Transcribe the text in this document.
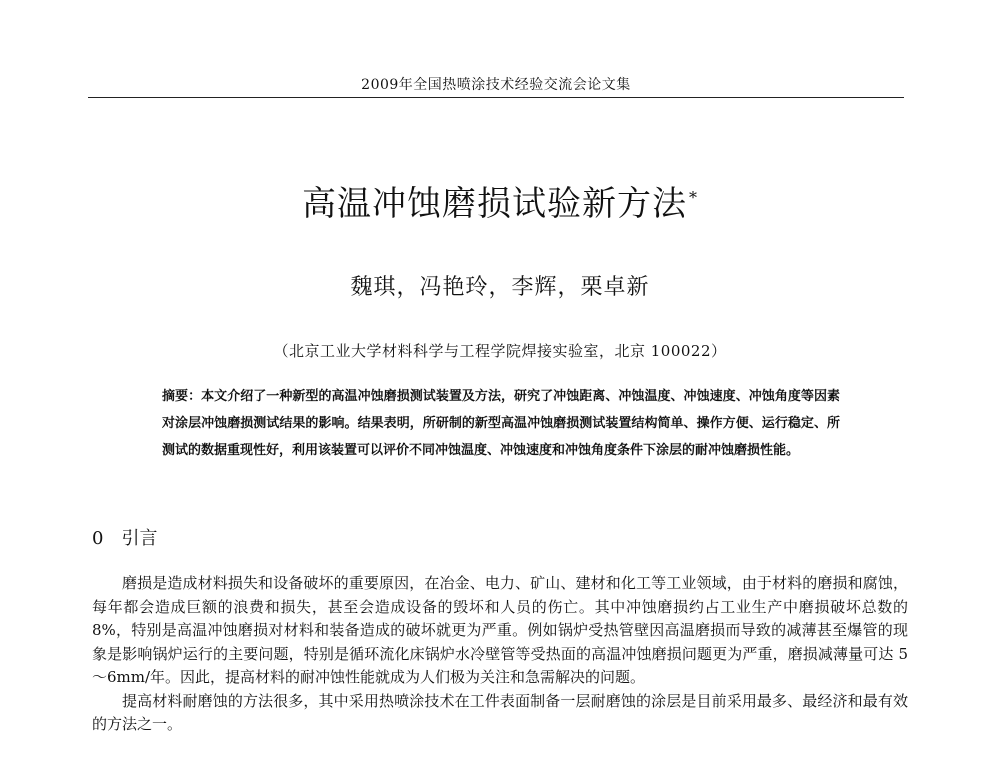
2009年全国热喷涂技术经验交流会论文集
高温冲蚀磨损试验新方法 *
魏琪，冯艳玲，李辉，栗卓新
（北京工业大学材料科学与工程学院焊接实验室，北京 100022）
摘要：本文介绍了一种新型的高温冲蚀磨损测试装置及方法，研究了冲蚀距离、冲蚀温度、冲蚀速度、冲蚀角度等因素对涂层冲蚀磨损测试结果的影响。结果表明，所研制的新型高温冲蚀磨损测试装置结构简单、操作方便、运行稳定、所测试的数据重现性好，利用该装置可以评价不同冲蚀温度、冲蚀速度和冲蚀角度条件下涂层的耐冲蚀磨损性能。
0 引言

磨损是造成材料损失和设备破坏的重要原因，在冶金、电力、矿山、建材和化工等工业领域，由于材料的磨损和腐蚀，每年都会造成巨额的浪费和损失，甚至会造成设备的毁坏和人员的伤亡。其中冲蚀磨损约占工业生产中磨损破坏总数的 8%，特别是高温冲蚀磨损对材料和装备造成的破坏就更为严重。例如锅炉受热管壁因高温磨损而导致的减薄甚至爆管的现象是影响锅炉运行的主要问题，特别是循环流化床锅炉水冷壁管等受热面的高温冲蚀磨损问题更为严重，磨损减薄量可达 5～6mm/年。因此，提高材料的耐冲蚀性能就成为人们极为关注和急需解决的问题。

提高材料耐磨蚀的方法很多，其中采用热喷涂技术在工件表面制备一层耐磨蚀的涂层是目前采用最多、最经济和最有效的方法之一。
